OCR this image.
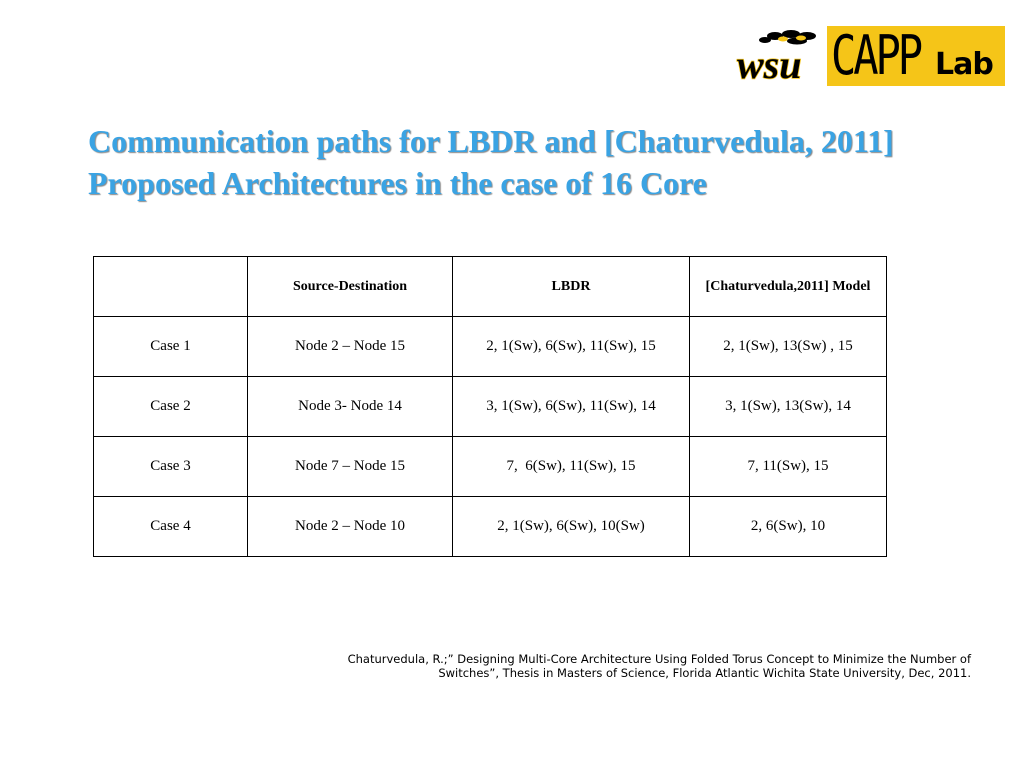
wsu CAPP Lab
Communication paths for LBDR and [Chaturvedula, 2011]
Proposed Architectures in the case of 16 Core
	Source-Destination	LBDR	[Chaturvedula,2011] Model
Case 1	Node 2 – Node 15	2, 1(Sw), 6(Sw), 11(Sw), 15	2, 1(Sw), 13(Sw) , 15
Case 2	Node 3- Node 14	3, 1(Sw), 6(Sw), 11(Sw), 14	3, 1(Sw), 13(Sw), 14
Case 3	Node 7 – Node 15	7,  6(Sw), 11(Sw), 15	7, 11(Sw), 15
Case 4	Node 2 – Node 10	2, 1(Sw), 6(Sw), 10(Sw)	2, 6(Sw), 10
Chaturvedula, R.;” Designing Multi-Core Architecture Using Folded Torus Concept to Minimize the Number of
Switches”, Thesis in Masters of Science, Florida Atlantic Wichita State University, Dec, 2011.
